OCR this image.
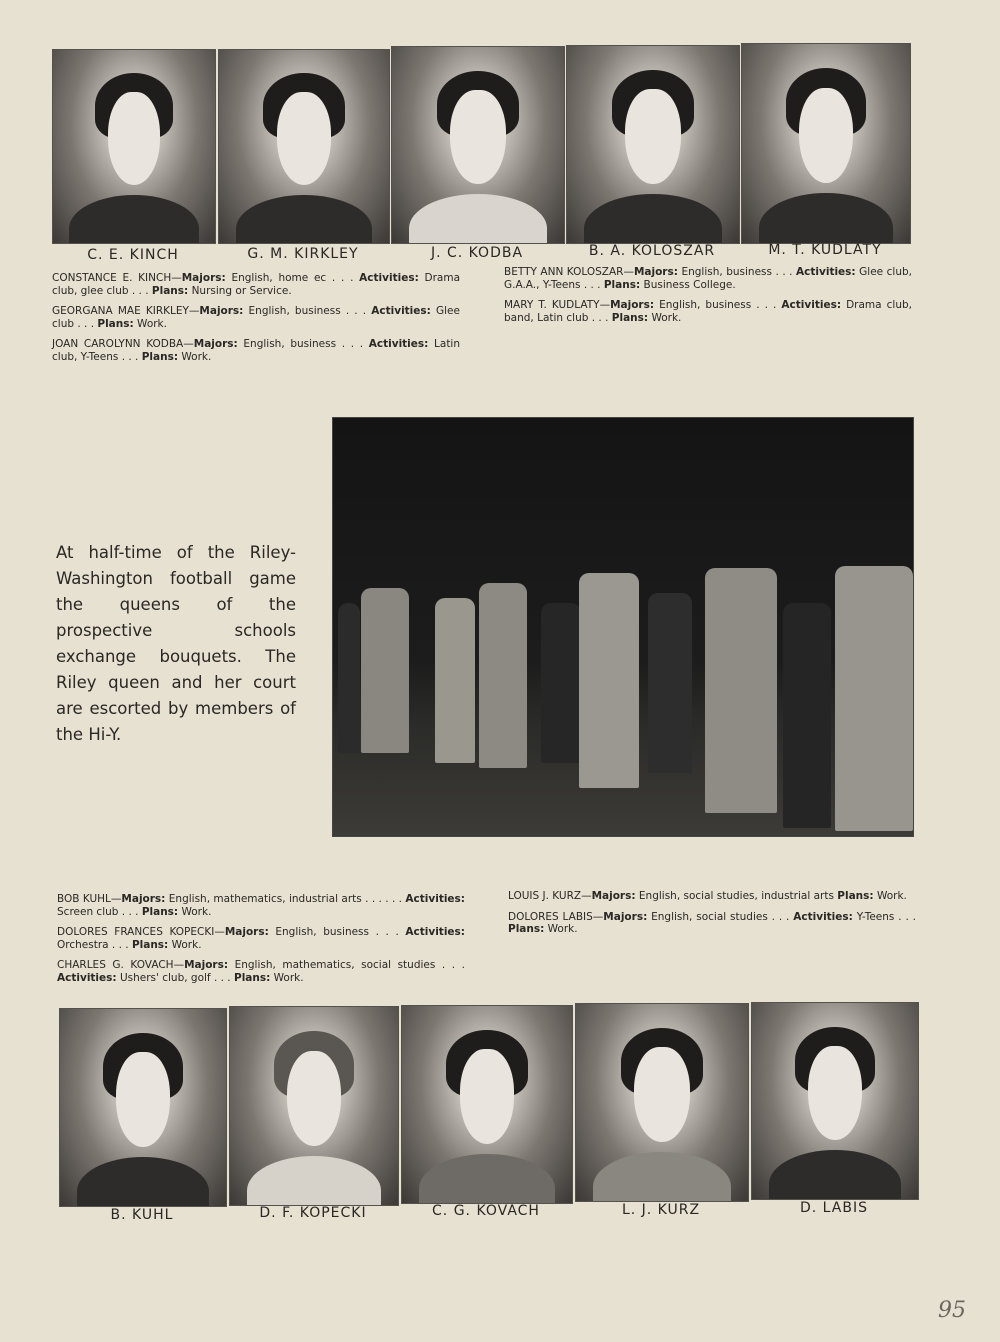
C. E. KINCH	G. M. KIRKLEY	J. C. KODBA	B. A. KOLOSZAR	M. T. KUDLATY

CONSTANCE E. KINCH—Majors: English, home ec . . . Activities: Drama club, glee club . . . Plans: Nursing or Service.

GEORGANA MAE KIRKLEY—Majors: English, business . . . Activities: Glee club . . . Plans: Work.

JOAN CAROLYNN KODBA—Majors: English, business . . . Activities: Latin club, Y-Teens . . . Plans: Work.

BETTY ANN KOLOSZAR—Majors: English, business . . . Activities: Glee club, G.A.A., Y-Teens . . . Plans: Business College.

MARY T. KUDLATY—Majors: English, business . . . Activities: Drama club, band, Latin club . . . Plans: Work.

At half-time of the Riley-Washington football game the queens of the prospective schools exchange bouquets. The Riley queen and her court are escorted by members of the Hi-Y.

BOB KUHL—Majors: English, mathematics, industrial arts . . . . . . Activities: Screen club . . . Plans: Work.

DOLORES FRANCES KOPECKI—Majors: English, business . . . Activities: Orchestra . . . Plans: Work.

CHARLES G. KOVACH—Majors: English, mathematics, social studies . . . Activities: Ushers' club, golf . . . Plans: Work.

LOUIS J. KURZ—Majors: English, social studies, industrial arts Plans: Work.

DOLORES LABIS—Majors: English, social studies . . . Activities: Y-Teens . . . Plans: Work.

B. KUHL	D. F. KOPECKI	C. G. KOVACH	L. J. KURZ	D. LABIS
95
